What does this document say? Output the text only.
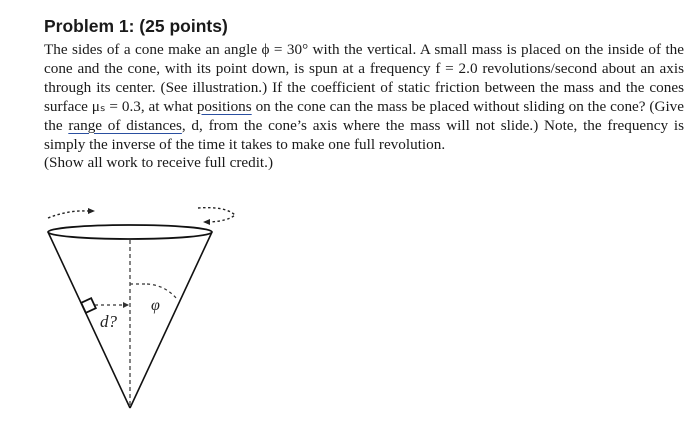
Problem 1: (25 points)

The sides of a cone make an angle ϕ = 30° with the vertical. A small mass is placed on the inside of the cone and the cone, with its point down, is spun at a frequency f = 2.0 revolutions/second about an axis through its center. (See illustration.) If the coefficient of static friction between the mass and the cones surface μₛ = 0.3, at what positions on the cone can the mass be placed without sliding on the cone? (Give the range of distances, d, from the cone’s axis where the mass will not slide.) Note, the frequency is simply the inverse of the time it takes to make one full revolution.

(Show all work to receive full credit.)

φ
d?
